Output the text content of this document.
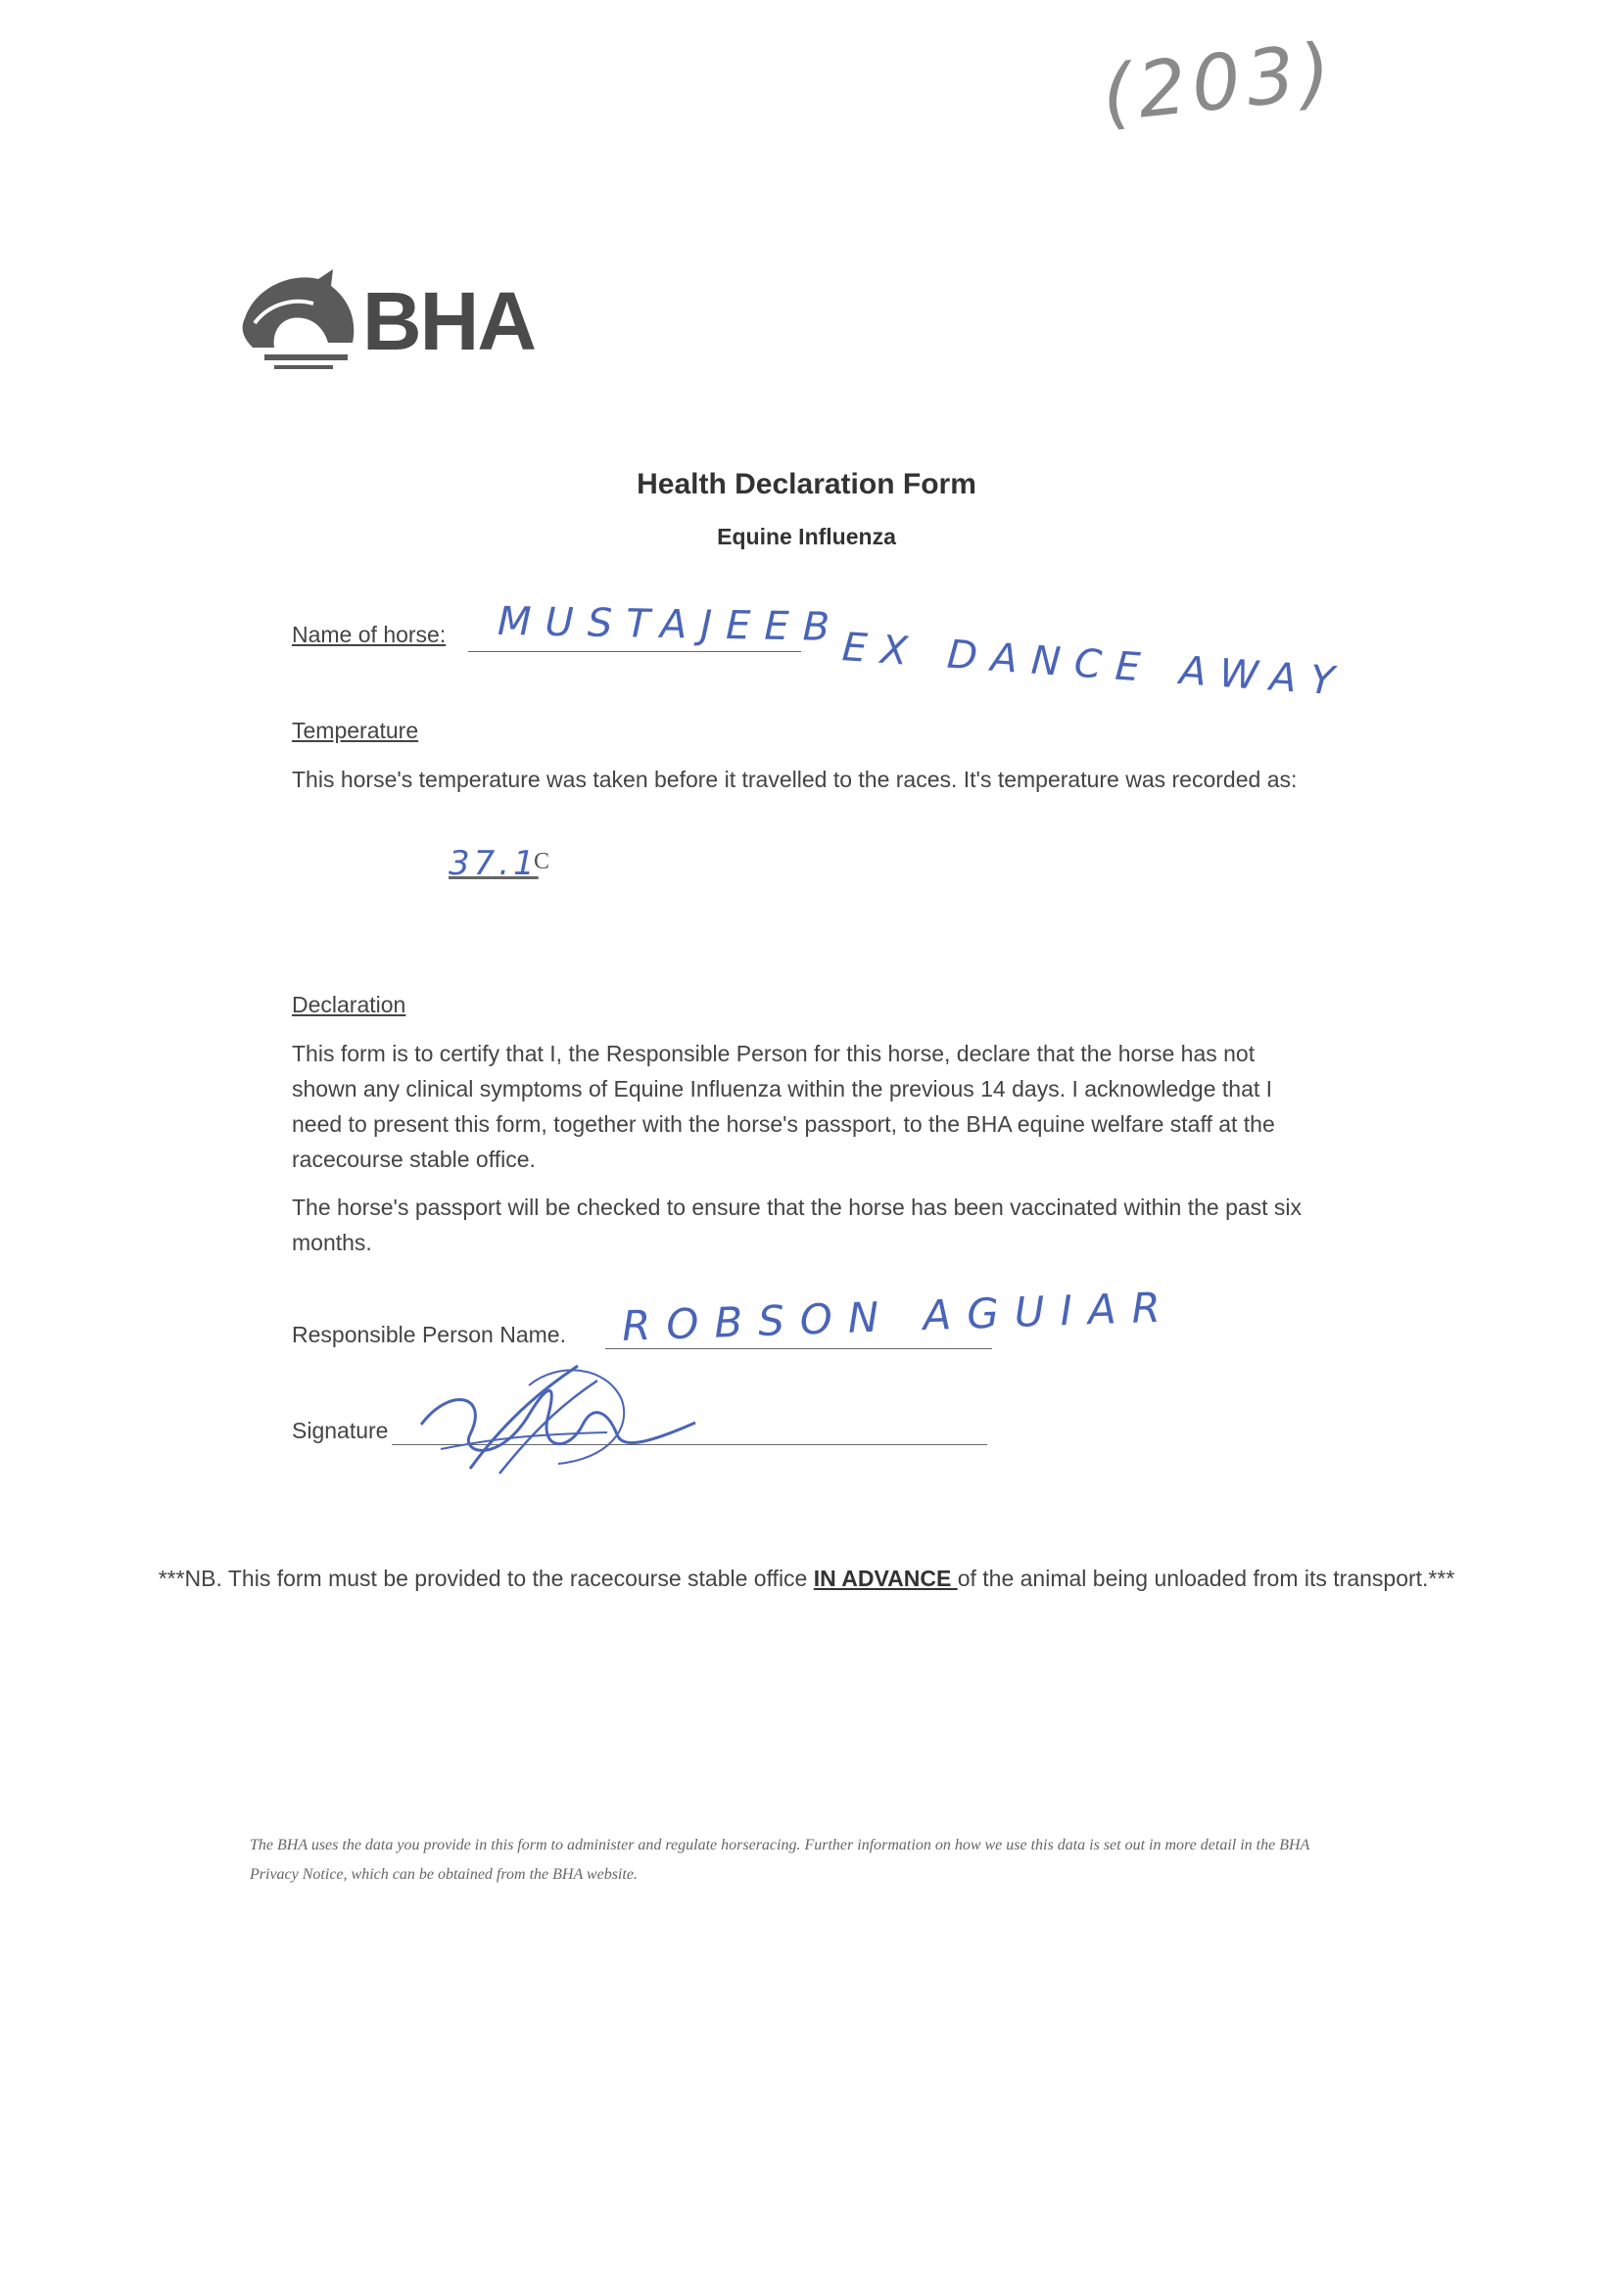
(203)
BHA
Health Declaration Form
Equine Influenza
Name of horse: MUSTAJEEB
EX DANCE AWAY
Temperature
This horse's temperature was taken before it travelled to the races. It's temperature was recorded as:
37.1
C
Declaration
This form is to certify that I, the Responsible Person for this horse, declare that the horse has not shown any clinical symptoms of Equine Influenza within the previous 14 days. I acknowledge that I need to present this form, together with the horse's passport, to the BHA equine welfare staff at the racecourse stable office.
The horse's passport will be checked to ensure that the horse has been vaccinated within the past six months.
Responsible Person Name. ROBSON AGUIAR
Signature
***NB. This form must be provided to the racecourse stable office IN ADVANCE of the animal being unloaded from its transport.***
The BHA uses the data you provide in this form to administer and regulate horseracing. Further information on how we use this data is set out in more detail in the BHA Privacy Notice, which can be obtained from the BHA website.
